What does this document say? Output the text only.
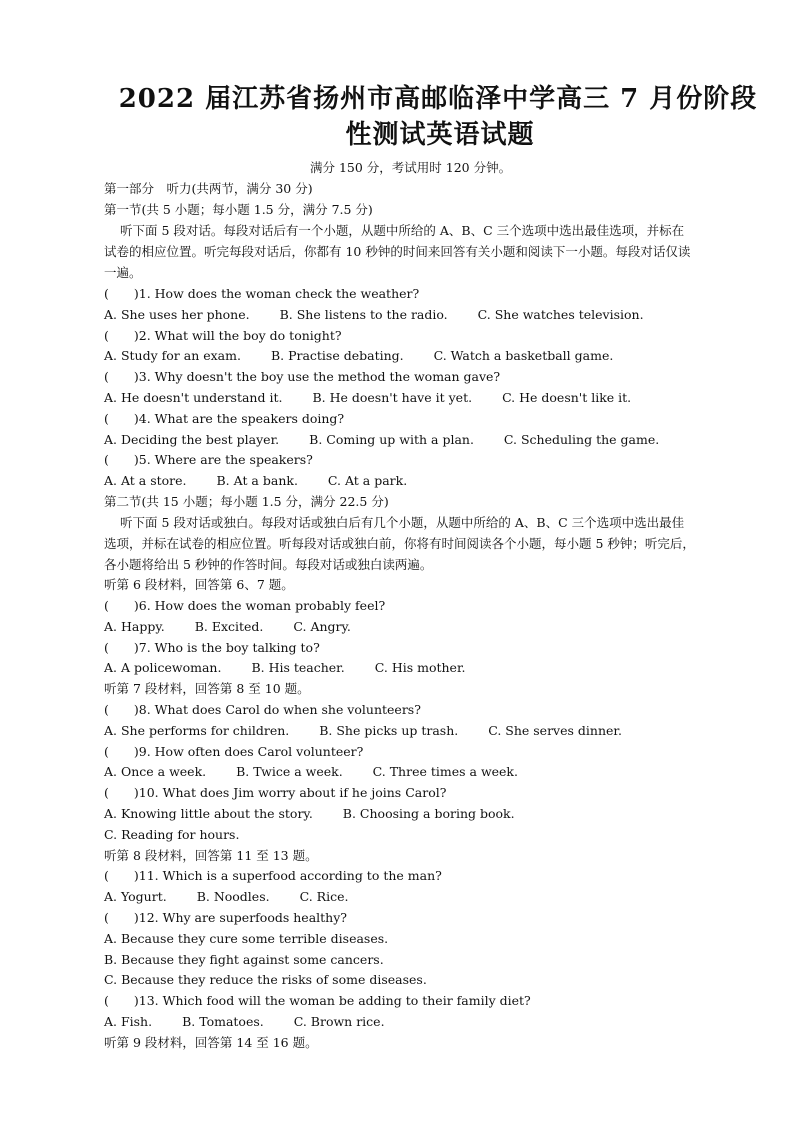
2022 届江苏省扬州市高邮临泽中学高三 7 月份阶段
性测试英语试题
满分 150 分，考试用时 120 分钟。
第一部分　听力(共两节，满分 30 分)
第一节(共 5 小题；每小题 1.5 分，满分 7.5 分)
听下面 5 段对话。每段对话后有一个小题，从题中所给的 A、B、C 三个选项中选出最佳选项，并标在
试卷的相应位置。听完每段对话后，你都有 10 秒钟的时间来回答有关小题和阅读下一小题。每段对话仅读
一遍。
(　　)1. How does the woman check the weather?
A. She uses her phone. B. She listens to the radio. C. She watches television.
(　　)2. What will the boy do tonight?
A. Study for an exam. B. Practise debating. C. Watch a basketball game.
(　　)3. Why doesn't the boy use the method the woman gave?
A. He doesn't understand it. B. He doesn't have it yet. C. He doesn't like it.
(　　)4. What are the speakers doing?
A. Deciding the best player. B. Coming up with a plan. C. Scheduling the game.
(　　)5. Where are the speakers?
A. At a store. B. At a bank. C. At a park.
第二节(共 15 小题；每小题 1.5 分，满分 22.5 分)
听下面 5 段对话或独白。每段对话或独白后有几个小题，从题中所给的 A、B、C 三个选项中选出最佳
选项，并标在试卷的相应位置。听每段对话或独白前，你将有时间阅读各个小题，每小题 5 秒钟；听完后，
各小题将给出 5 秒钟的作答时间。每段对话或独白读两遍。
听第 6 段材料，回答第 6、7 题。
(　　)6. How does the woman probably feel?
A. Happy. B. Excited. C. Angry.
(　　)7. Who is the boy talking to?
A. A policewoman. B. His teacher. C. His mother.
听第 7 段材料，回答第 8 至 10 题。
(　　)8. What does Carol do when she volunteers?
A. She performs for children. B. She picks up trash. C. She serves dinner.
(　　)9. How often does Carol volunteer?
A. Once a week. B. Twice a week. C. Three times a week.
(　　)10. What does Jim worry about if he joins Carol?
A. Knowing little about the story. B. Choosing a boring book.
C. Reading for hours.
听第 8 段材料，回答第 11 至 13 题。
(　　)11. Which is a superfood according to the man?
A. Yogurt. B. Noodles. C. Rice.
(　　)12. Why are superfoods healthy?
A. Because they cure some terrible diseases.
B. Because they fight against some cancers.
C. Because they reduce the risks of some diseases.
(　　)13. Which food will the woman be adding to their family diet?
A. Fish. B. Tomatoes. C. Brown rice.
听第 9 段材料，回答第 14 至 16 题。
